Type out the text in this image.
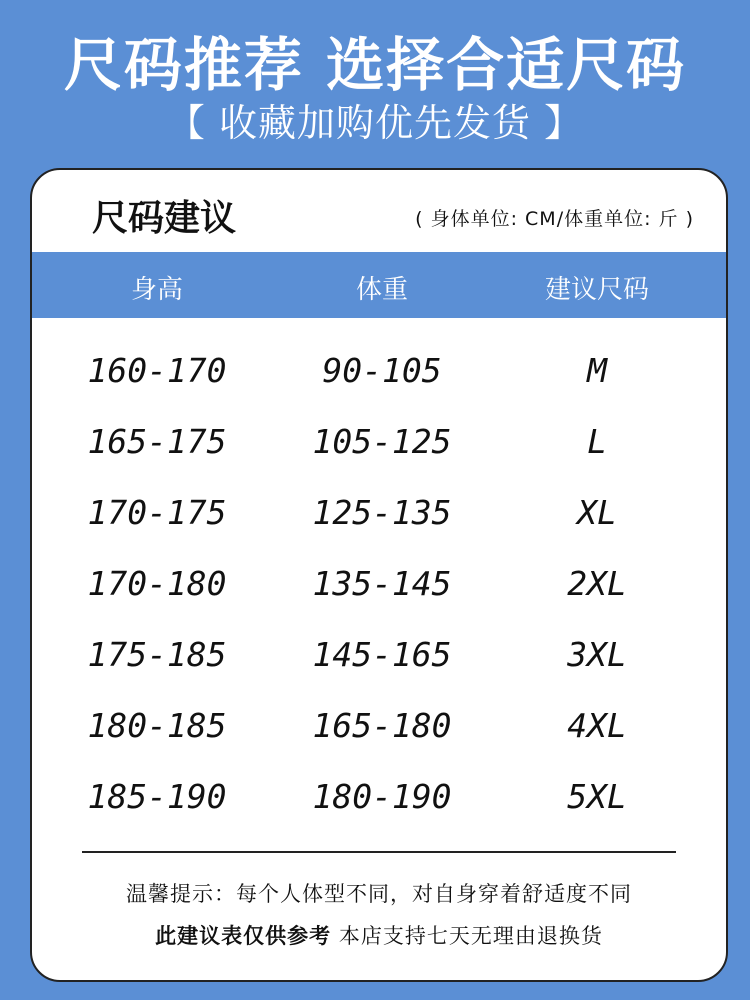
尺码推荐 选择合适尺码
【 收藏加购优先发货 】
尺码建议	( 身体单位: CM/体重单位: 斤 )
身高	体重	建议尺码
160-170	90-105	M
165-175	105-125	L
170-175	125-135	XL
170-180	135-145	2XL
175-185	145-165	3XL
180-185	165-180	4XL
185-190	180-190	5XL
温馨提示：每个人体型不同，对自身穿着舒适度不同
此建议表仅供参考 本店支持七天无理由退换货
